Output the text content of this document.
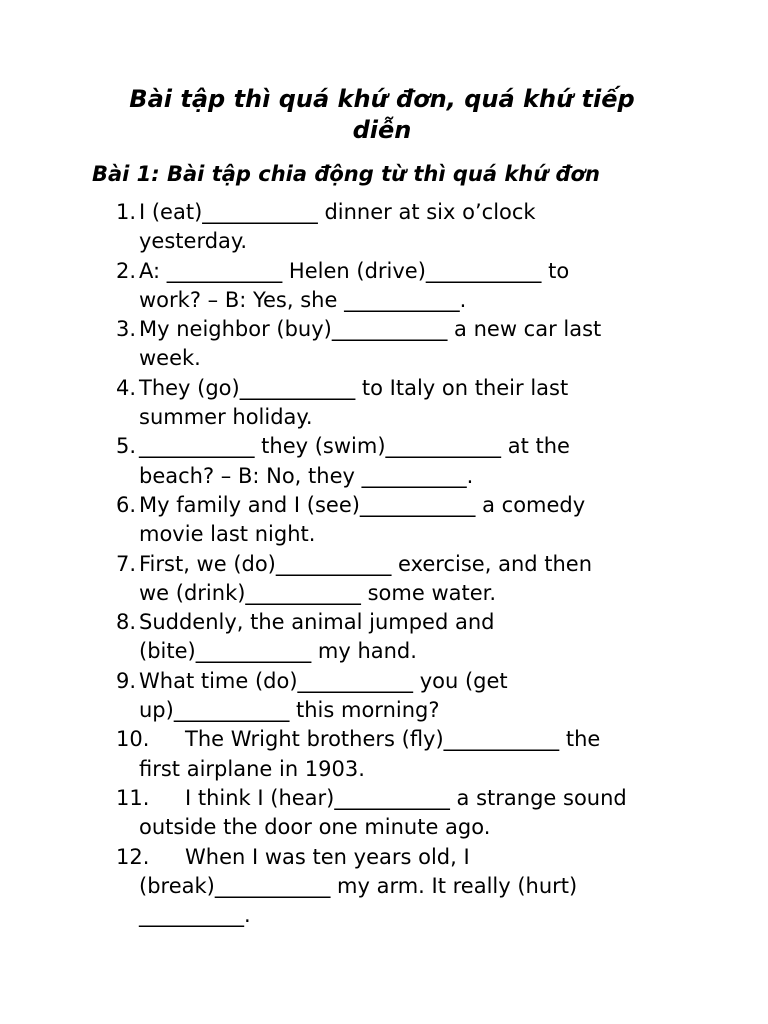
Bài tập thì quá khứ đơn, quá khứ tiếp
diễn
Bài 1: Bài tập chia động từ thì quá khứ đơn
1. I (eat)___________ dinner at six o’clock
yesterday.
2. A: ___________ Helen (drive)___________ to
work? – B: Yes, she ___________.
3. My neighbor (buy)___________ a new car last
week.
4. They (go)___________ to Italy on their last
summer holiday.
5. ___________ they (swim)___________ at the
beach? – B: No, they __________.
6. My family and I (see)___________ a comedy
movie last night.
7. First, we (do)___________ exercise, and then
we (drink)___________ some water.
8. Suddenly, the animal jumped and
(bite)___________ my hand.
9. What time (do)___________ you (get
up)___________ this morning?
10.	The Wright brothers (fly)___________ the
first airplane in 1903.
11.	I think I (hear)___________ a strange sound
outside the door one minute ago.
12.	When I was ten years old, I
(break)___________ my arm. It really (hurt)
__________.
